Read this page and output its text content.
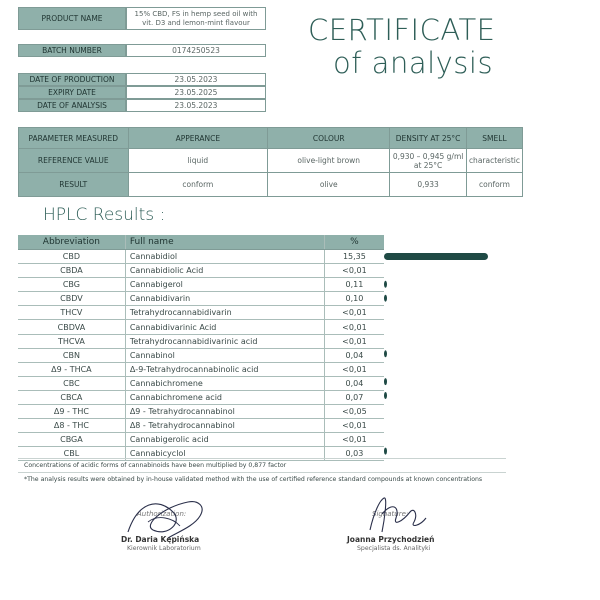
PRODUCT NAME
15% CBD, FS in hemp seed oil with
vit. D3 and lemon-mint flavour
BATCH NUMBER	0174250523
DATE OF PRODUCTION	23.05.2023
EXPIRY DATE	23.05.2025
DATE OF ANALYSIS	23.05.2023
CERTIFICATE
of analysis
PARAMETER MEASURED	APPERANCE	COLOUR	DENSITY AT 25°C	SMELL
REFERENCE VALUE	liquid	olive-light brown	0,930 – 0,945 g/ml at 25°C	characteristic
RESULT	conform	olive	0,933	conform
HPLC Results :
Abbreviation	Full name	%
CBD	Cannabidiol	15,35
CBDA	Cannabidiolic Acid	<0,01
CBG	Cannabigerol	0,11
CBDV	Cannabidivarin	0,10
THCV	Tetrahydrocannabidivarin	<0,01
CBDVA	Cannabidivarinic Acid	<0,01
THCVA	Tetrahydrocannabidivarinic acid	<0,01
CBN	Cannabinol	0,04
Δ9 - THCA	Δ-9-Tetrahydrocannabinolic acid	<0,01
CBC	Cannabichromene	0,04
CBCA	Cannabichromene acid	0,07
Δ9 - THC	Δ9 - Tetrahydrocannabinol	<0,05
Δ8 - THC	Δ8 - Tetrahydrocannabinol	<0,01
CBGA	Cannabigerolic acid	<0,01
CBL	Cannabicyclol	0,03
Concentrations of acidic forms of cannabinoids have been multiplied by 0,877 factor
*The analysis results were obtained by in-house validated method with the use of certified reference standard compounds at known concentrations
Authorization:
Dr. Daria Kępińska
Kierownik Laboratorium
Signature:
Joanna Przychodzień
Specjalista ds. Analityki
